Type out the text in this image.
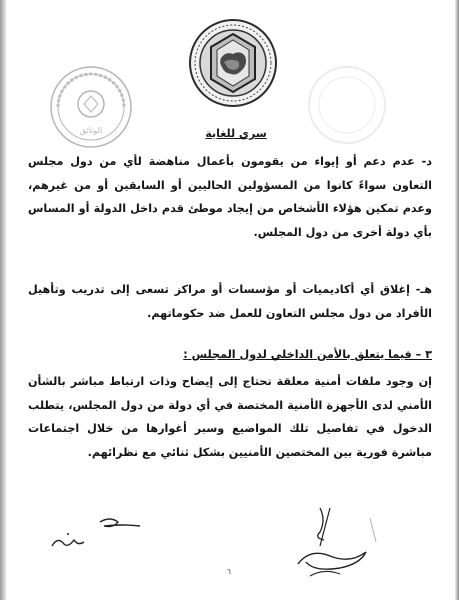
الوثائق	سري للغاية

د- عدم دعم أو إيواء من يقومون بأعمال مناهضة لأي من دول مجلس التعاون سواءً كانوا من المسؤولين الحاليين أو السابقين أو من غيرهم، وعدم تمكين هؤلاء الأشخاص من إيجاد موطئ قدم داخل الدولة أو المساس بأي دولة أخرى من دول المجلس.

هـ- إغلاق أي أكاديميات أو مؤسسات أو مراكز تسعى إلى تدريب وتأهيل الأفراد من دول مجلس التعاون للعمل ضد حكوماتهم.

٣ – فيما يتعلق بالأمن الداخلي لدول المجلس :

إن وجود ملفات أمنية معلقة تحتاج إلى إيضاح وذات ارتباط مباشر بالشأن الأمني لدى الأجهزة الأمنية المختصة في أي دولة من دول المجلس، يتطلب الدخول في تفاصيل تلك المواضيع وسبر أغوارها من خلال اجتماعات مباشرة فورية بين المختصين الأمنيين بشكل ثنائي مع نظرائهم.

٦
